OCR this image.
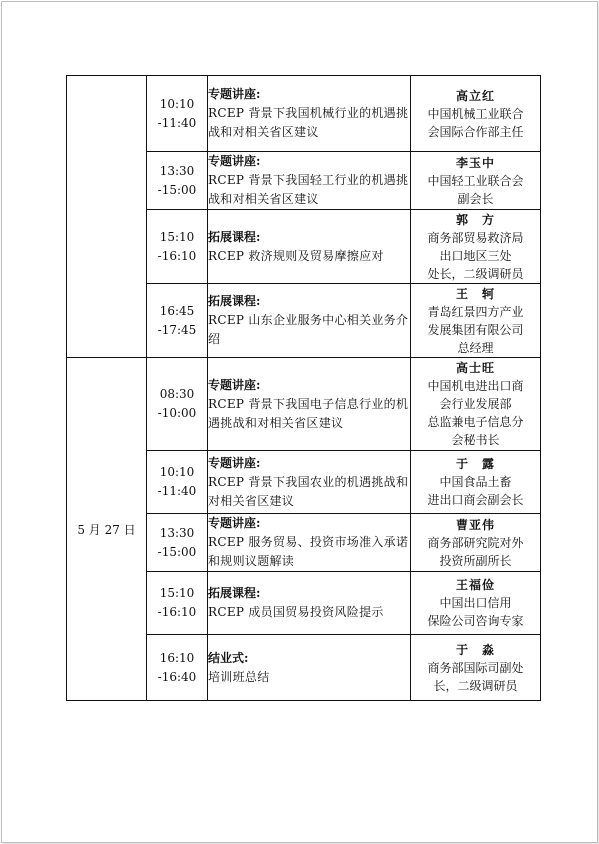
	10:10
-11:40	专题讲座:
RCEP 背景下我国机械行业的机遇挑战和对相关省区建议	高立红
中国机械工业联合
会国际合作部主任

	13:30
-15:00	专题讲座:
RCEP 背景下我国轻工行业的机遇挑战和对相关省区建议	李玉中
中国轻工业联合会
副会长

	15:10
-16:10	拓展课程:
RCEP 救济规则及贸易摩擦应对	郭　方
商务部贸易救济局
出口地区三处
处长，二级调研员

	16:45
-17:45	拓展课程:
RCEP 山东企业服务中心相关业务介绍	王　轲
青岛红景四方产业
发展集团有限公司
总经理

5 月 27 日	08:30
-10:00	专题讲座:
RCEP 背景下我国电子信息行业的机遇挑战和对相关省区建议	高士旺
中国机电进出口商
会行业发展部
总监兼电子信息分
会秘书长

	10:10
-11:40	专题讲座:
RCEP 背景下我国农业的机遇挑战和对相关省区建议	于　露
中国食品土畜
进出口商会副会长

	13:30
-15:00	专题讲座:
RCEP 服务贸易、投资市场准入承诺和规则议题解读	曹亚伟
商务部研究院对外
投资所副所长

	15:10
-16:10	拓展课程:
RCEP 成员国贸易投资风险提示	王福俭
中国出口信用
保险公司咨询专家

	16:10
-16:40	结业式:
培训班总结	于　淼
商务部国际司副处
长，二级调研员
